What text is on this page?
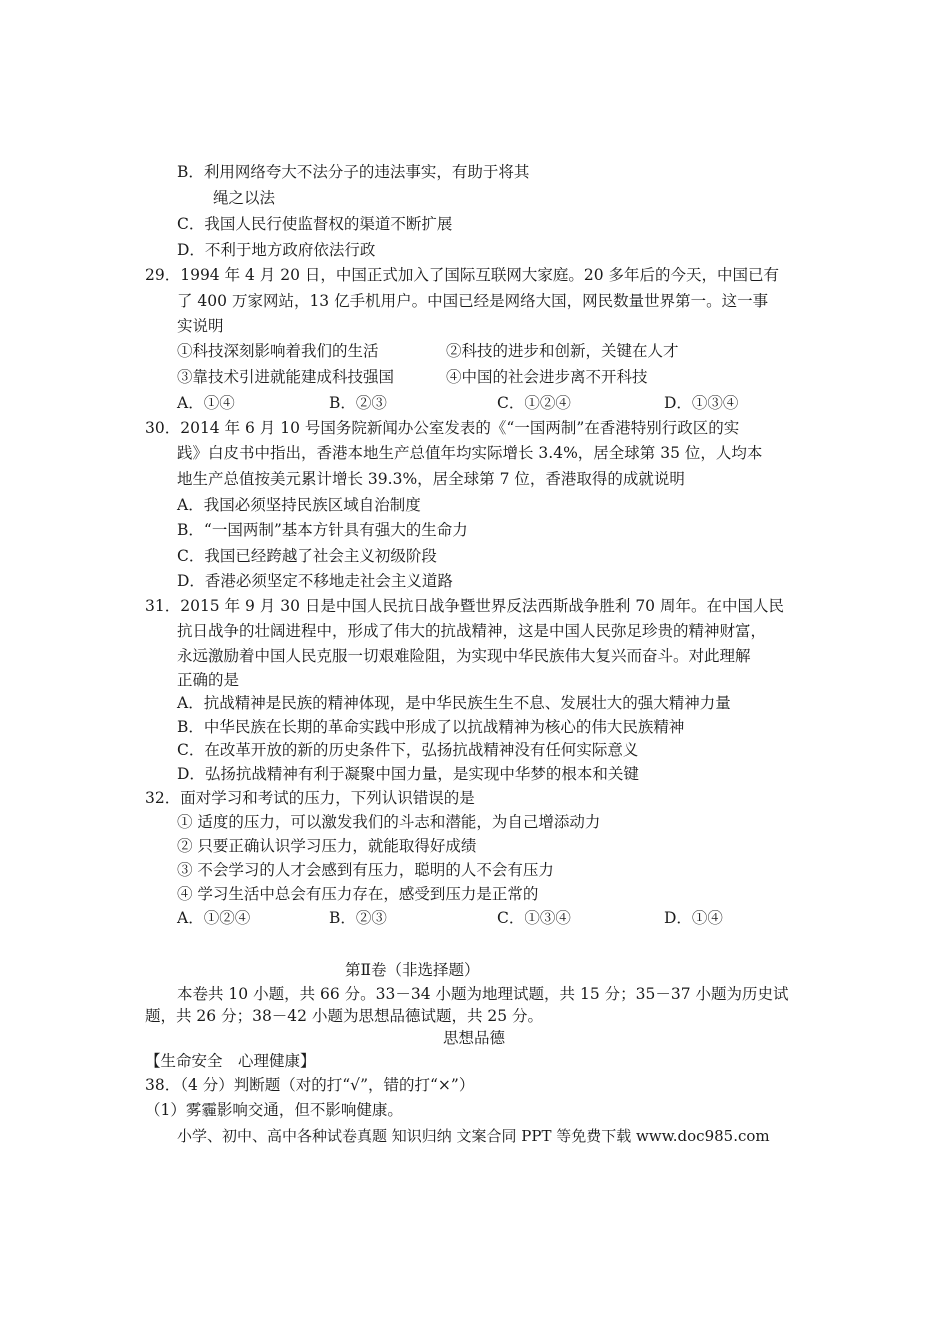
B．利用网络夸大不法分子的违法事实，有助于将其
绳之以法
C．我国人民行使监督权的渠道不断扩展
D．不利于地方政府依法行政
29．1994 年 4 月 20 日，中国正式加入了国际互联网大家庭。20 多年后的今天，中国已有
了 400 万家网站，13 亿手机用户。中国已经是网络大国，网民数量世界第一。这一事
实说明
①科技深刻影响着我们的生活	②科技的进步和创新，关键在人才
③靠技术引进就能建成科技强国	④中国的社会进步离不开科技
A．①④	B．②③	C．①②④	D．①③④
30．2014 年 6 月 10 号国务院新闻办公室发表的《“一国两制”在香港特别行政区的实
践》白皮书中指出，香港本地生产总值年均实际增长 3.4%，居全球第 35 位，人均本
地生产总值按美元累计增长 39.3%，居全球第 7 位，香港取得的成就说明
A．我国必须坚持民族区域自治制度
B．“一国两制”基本方针具有强大的生命力
C．我国已经跨越了社会主义初级阶段
D．香港必须坚定不移地走社会主义道路
31．2015 年 9 月 30 日是中国人民抗日战争暨世界反法西斯战争胜利 70 周年。在中国人民
抗日战争的壮阔进程中，形成了伟大的抗战精神，这是中国人民弥足珍贵的精神财富，
永远激励着中国人民克服一切艰难险阻，为实现中华民族伟大复兴而奋斗。对此理解
正确的是
A．抗战精神是民族的精神体现，是中华民族生生不息、发展壮大的强大精神力量
B．中华民族在长期的革命实践中形成了以抗战精神为核心的伟大民族精神
C．在改革开放的新的历史条件下，弘扬抗战精神没有任何实际意义
D．弘扬抗战精神有利于凝聚中国力量，是实现中华梦的根本和关键
32．面对学习和考试的压力，下列认识错误的是
① 适度的压力，可以激发我们的斗志和潜能，为自己增添动力
② 只要正确认识学习压力，就能取得好成绩
③ 不会学习的人才会感到有压力，聪明的人不会有压力
④ 学习生活中总会有压力存在，感受到压力是正常的
A．①②④	B．②③	C．①③④	D．①④
第Ⅱ卷（非选择题）
本卷共 10 小题，共 66 分。33－34 小题为地理试题，共 15 分；35－37 小题为历史试
题，共 26 分；38－42 小题为思想品德试题，共 25 分。
思想品德
【生命安全　心理健康】
38．（4 分）判断题（对的打“√”，错的打“×”）
（1）雾霾影响交通，但不影响健康。
小学、初中、高中各种试卷真题 知识归纳 文案合同 PPT 等免费下载 www.doc985.com
